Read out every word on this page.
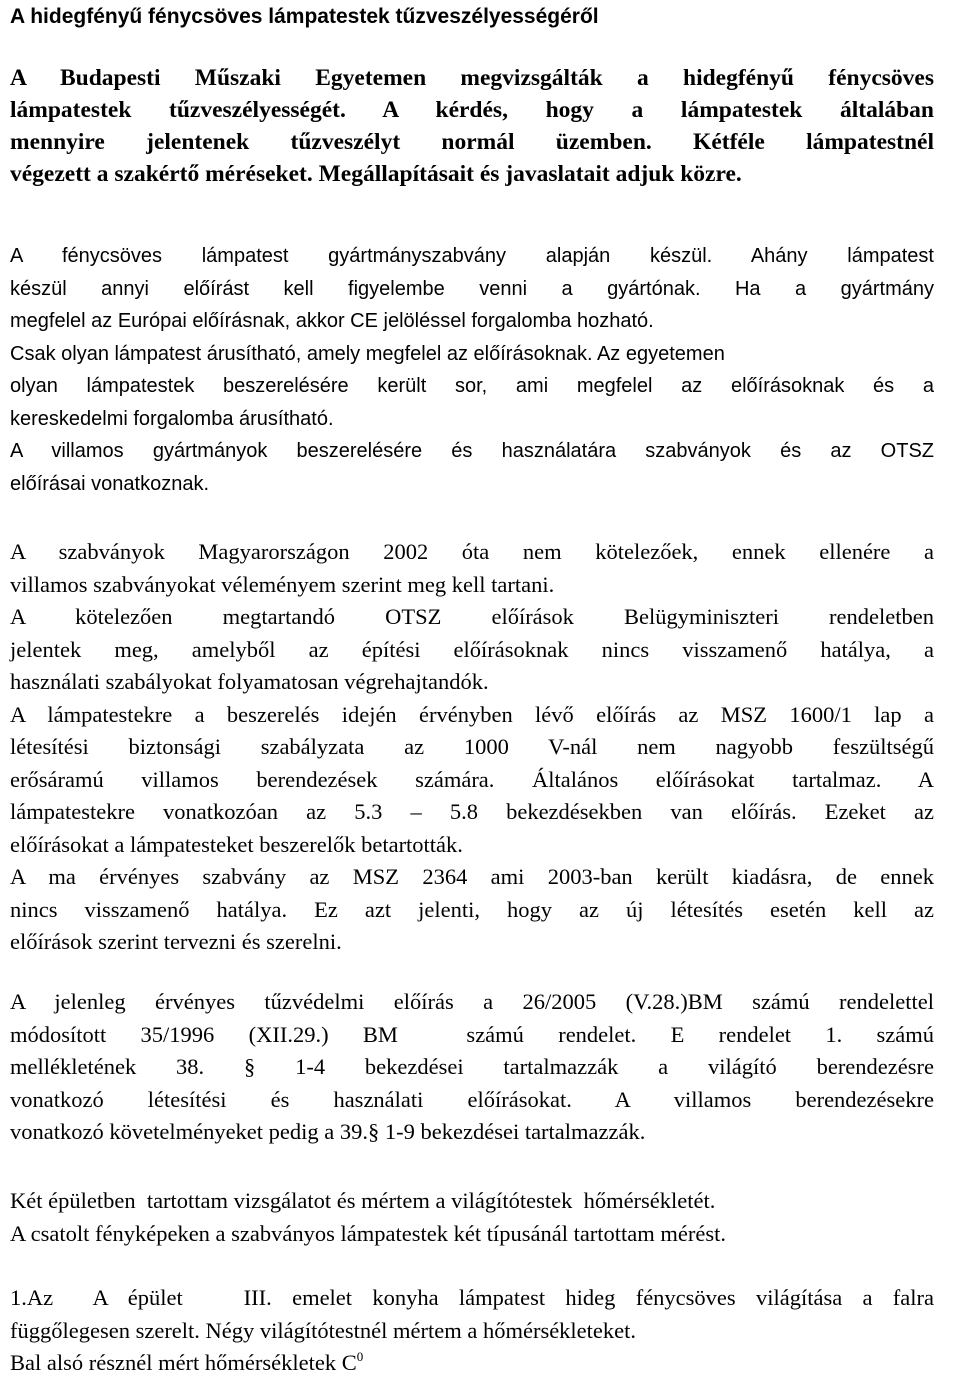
A hidegfényű fénycsöves lámpatestek tűzveszélyességéről
A Budapesti Műszaki Egyetemen megvizsgálták a hidegfényű fénycsöves
lámpatestek tűzveszélyességét. A kérdés, hogy a lámpatestek általában
mennyire jelentenek tűzveszélyt normál üzemben. Kétféle lámpatestnél
végezett a szakértő méréseket. Megállapításait és javaslatait adjuk közre.
A fénycsöves lámpatest gyártmányszabvány alapján készül. Ahány lámpatest
készül annyi előírást kell figyelembe venni a gyártónak. Ha a gyártmány
megfelel az Európai előírásnak, akkor CE jelöléssel forgalomba hozható.
Csak olyan lámpatest árusítható, amely megfelel az előírásoknak. Az egyetemen
olyan lámpatestek beszerelésére került sor, ami megfelel az előírásoknak és a
kereskedelmi forgalomba árusítható.
A villamos gyártmányok beszerelésére és használatára szabványok és az OTSZ
előírásai vonatkoznak.
A szabványok Magyarországon 2002 óta nem kötelezőek, ennek ellenére a
villamos szabványokat véleményem szerint meg kell tartani.
A kötelezően megtartandó OTSZ előírások Belügyminiszteri rendeletben
jelentek meg, amelyből az építési előírásoknak nincs visszamenő hatálya, a
használati szabályokat folyamatosan végrehajtandók.
A lámpatestekre a beszerelés idején érvényben lévő előírás az MSZ 1600/1 lap a
létesítési biztonsági szabályzata az 1000 V-nál nem nagyobb feszültségű
erősáramú villamos berendezések számára. Általános előírásokat tartalmaz. A
lámpatestekre vonatkozóan az 5.3 – 5.8 bekezdésekben van előírás. Ezeket az
előírásokat a lámpatesteket beszerelők betartották.
A ma érvényes szabvány az MSZ 2364 ami 2003-ban került kiadásra, de ennek
nincs visszamenő hatálya. Ez azt jelenti, hogy az új létesítés esetén kell az
előírások szerint tervezni és szerelni.
A jelenleg érvényes tűzvédelmi előírás a 26/2005 (V.28.)BM számú rendelettel
módosított 35/1996 (XII.29.) BM  számú rendelet. E rendelet 1. számú
mellékletének 38. § 1-4 bekezdései tartalmazzák a világító berendezésre
vonatkozó létesítési és használati előírásokat. A villamos berendezésekre
vonatkozó követelményeket pedig a 39.§ 1-9 bekezdései tartalmazzák.
Két épületben  tartottam vizsgálatot és mértem a világítótestek  hőmérsékletét.
A csatolt fényképeken a szabványos lámpatestek két típusánál tartottam mérést.
1.Az  A épület   III. emelet konyha lámpatest hideg fénycsöves világítása a falra
függőlegesen szerelt. Négy világítótestnél mértem a hőmérsékleteket.
Bal alsó résznél mért hőmérsékletek $C^0$
